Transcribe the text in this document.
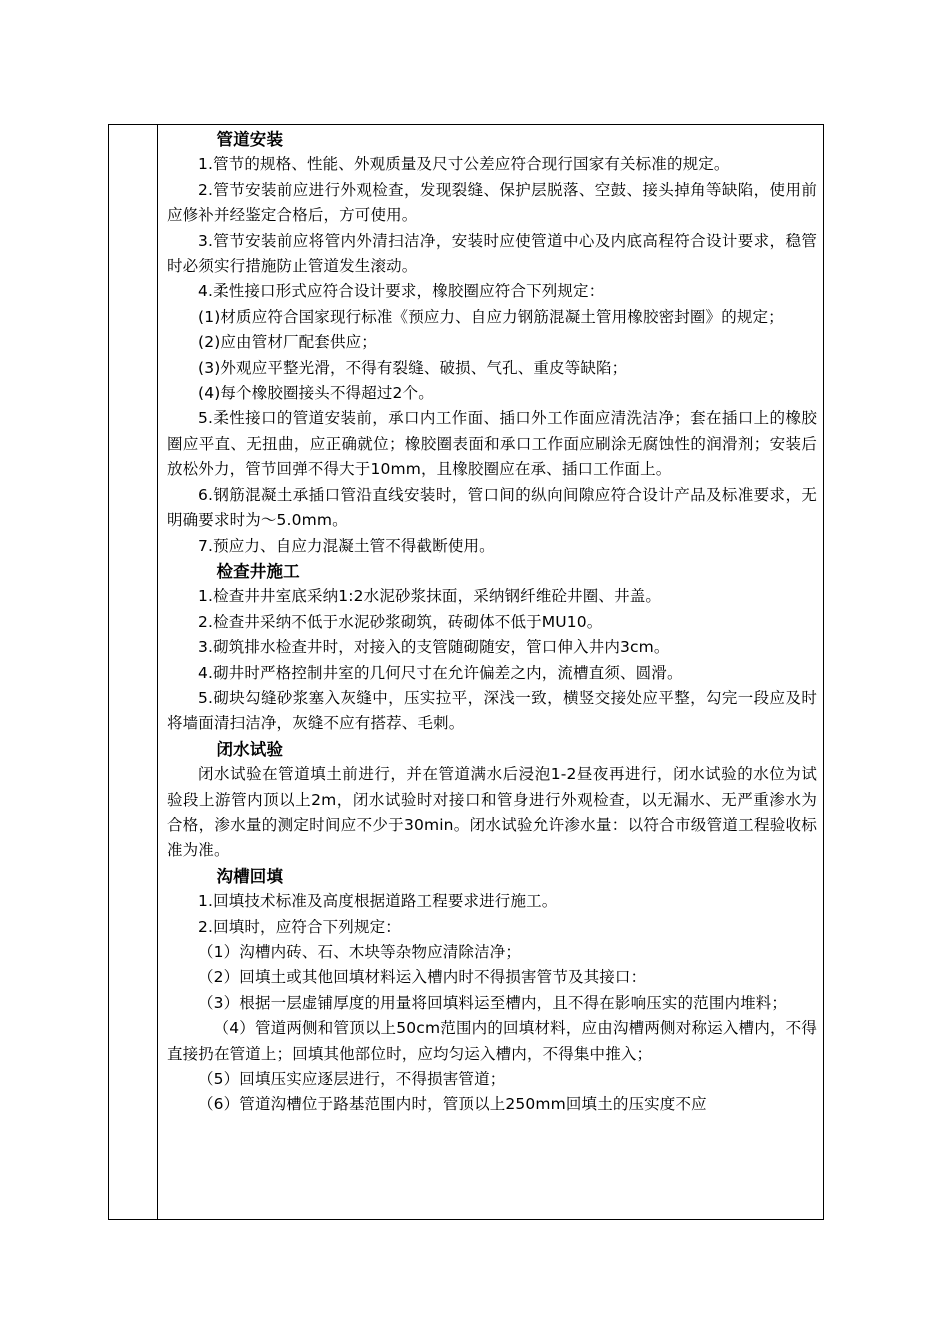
管道安装

1.管节的规格、性能、外观质量及尺寸公差应符合现行国家有关标准的规定。

2.管节安装前应进行外观检查，发现裂缝、保护层脱落、空鼓、接头掉角等缺陷，使用前应修补并经鉴定合格后，方可使用。

3.管节安装前应将管内外清扫洁净，安装时应使管道中心及内底高程符合设计要求，稳管时必须实行措施防止管道发生滚动。

4.柔性接口形式应符合设计要求，橡胶圈应符合下列规定：

(1)材质应符合国家现行标准《预应力、自应力钢筋混凝土管用橡胶密封圈》的规定；

(2)应由管材厂配套供应；

(3)外观应平整光滑，不得有裂缝、破损、气孔、重皮等缺陷；

(4)每个橡胶圈接头不得超过2个。

5.柔性接口的管道安装前，承口内工作面、插口外工作面应清洗洁净；套在插口上的橡胶圈应平直、无扭曲，应正确就位；橡胶圈表面和承口工作面应刷涂无腐蚀性的润滑剂；安装后放松外力，管节回弹不得大于10mm，且橡胶圈应在承、插口工作面上。

6.钢筋混凝土承插口管沿直线安装时，管口间的纵向间隙应符合设计产品及标准要求，无明确要求时为～5.0mm。

7.预应力、自应力混凝土管不得截断使用。

检查井施工

1.检查井井室底采纳1:2水泥砂浆抹面，采纳钢纤维砼井圈、井盖。

2.检查井采纳不低于水泥砂浆砌筑，砖砌体不低于MU10。

3.砌筑排水检查井时，对接入的支管随砌随安，管口伸入井内3cm。

4.砌井时严格控制井室的几何尺寸在允许偏差之内，流槽直须、圆滑。

5.砌块勾缝砂浆塞入灰缝中，压实拉平，深浅一致，横竖交接处应平整，勾完一段应及时将墙面清扫洁净，灰缝不应有搭荐、毛刺。

闭水试验

闭水试验在管道填土前进行，并在管道满水后浸泡1-2昼夜再进行，闭水试验的水位为试验段上游管内顶以上2m，闭水试验时对接口和管身进行外观检查，以无漏水、无严重渗水为合格，渗水量的测定时间应不少于30min。闭水试验允许渗水量：以符合市级管道工程验收标准为准。

沟槽回填

1.回填技术标准及高度根据道路工程要求进行施工。

2.回填时，应符合下列规定：

（1）沟槽内砖、石、木块等杂物应清除洁净；

（2）回填土或其他回填材料运入槽内时不得损害管节及其接口：

（3）根据一层虚铺厚度的用量将回填料运至槽内，且不得在影响压实的范围内堆料；

（4）管道两侧和管顶以上50cm范围内的回填材料，应由沟槽两侧对称运入槽内，不得直接扔在管道上；回填其他部位时，应均匀运入槽内，不得集中推入；

（5）回填压实应逐层进行，不得损害管道；

（6）管道沟槽位于路基范围内时，管顶以上250mm回填土的压实度不应
